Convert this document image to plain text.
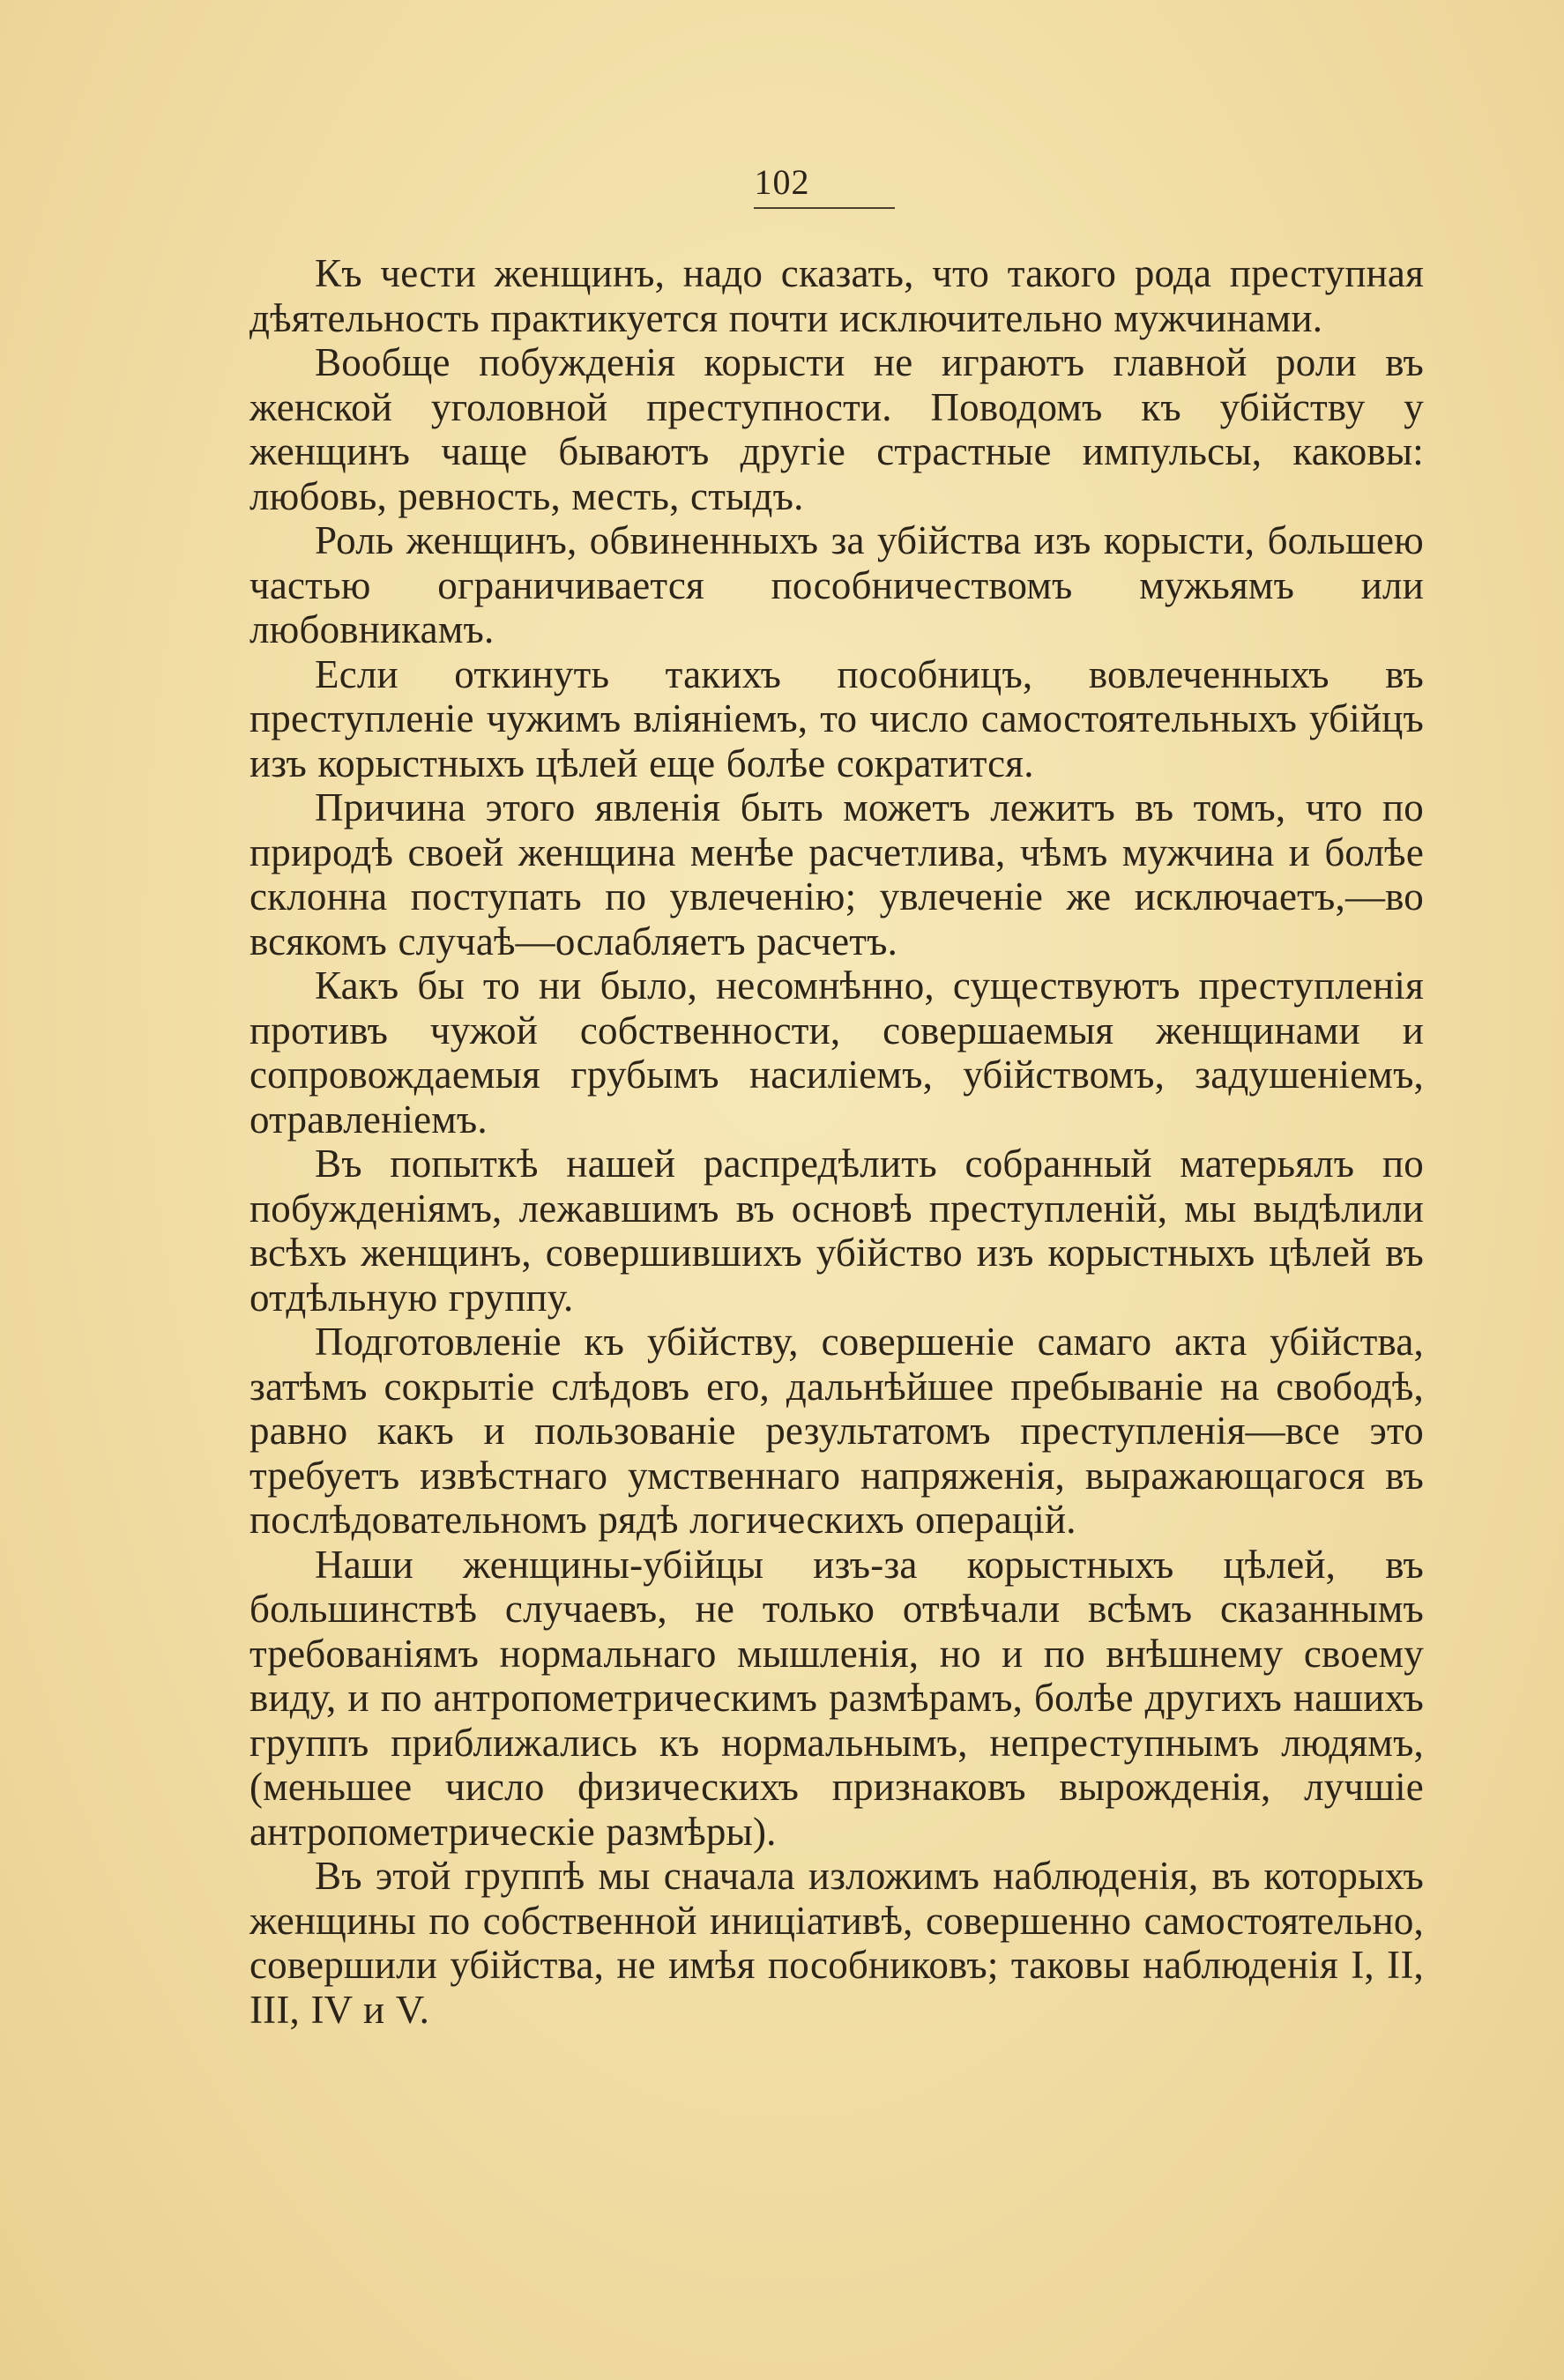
102

Къ чести женщинъ, надо сказать, что такого рода преступная дѣятельность практикуется почти исключительно мужчинами.

Вообще побужденія корысти не играютъ главной роли въ женской уголовной преступности. Поводомъ къ убійству у женщинъ чаще бываютъ другіе страстные импульсы, каковы: любовь, ревность, месть, стыдъ.

Роль женщинъ, обвиненныхъ за убійства изъ корысти, большею частью ограничивается пособничествомъ мужьямъ или любовникамъ.

Если откинуть такихъ пособницъ, вовлеченныхъ въ преступленіе чужимъ вліяніемъ, то число самостоятельныхъ убійцъ изъ корыстныхъ цѣлей еще болѣе сократится.

Причина этого явленія быть можетъ лежитъ въ томъ, что по природѣ своей женщина менѣе расчетлива, чѣмъ мужчина и болѣе склонна поступать по увлеченію; увлеченіе же исключаетъ,—во всякомъ случаѣ—ослабляетъ расчетъ.

Какъ бы то ни было, несомнѣнно, существуютъ преступленія противъ чужой собственности, совершаемыя женщинами и сопровождаемыя грубымъ насиліемъ, убійствомъ, задушеніемъ, отравленіемъ.

Въ попыткѣ нашей распредѣлить собранный матерьялъ по побужденіямъ, лежавшимъ въ основѣ преступленій, мы выдѣлили всѣхъ женщинъ, совершившихъ убійство изъ корыстныхъ цѣлей въ отдѣльную группу.

Подготовленіе къ убійству, совершеніе самаго акта убійства, затѣмъ сокрытіе слѣдовъ его, дальнѣйшее пребываніе на свободѣ, равно какъ и пользованіе результатомъ преступленія—все это требуетъ извѣстнаго умственнаго напряженія, выражающагося въ послѣдовательномъ рядѣ логическихъ операцій.

Наши женщины-убійцы изъ-за корыстныхъ цѣлей, въ большинствѣ случаевъ, не только отвѣчали всѣмъ сказаннымъ требованіямъ нормальнаго мышленія, но и по внѣшнему своему виду, и по антропометрическимъ размѣрамъ, болѣе другихъ нашихъ группъ приближались къ нормальнымъ, непреступнымъ людямъ, (меньшее число физическихъ признаковъ вырожденія, лучшіе антропометрическіе размѣры).

Въ этой группѣ мы сначала изложимъ наблюденія, въ которыхъ женщины по собственной иниціативѣ, совершенно самостоятельно, совершили убійства, не имѣя пособниковъ; таковы наблюденія I, II, III, IV и V.
